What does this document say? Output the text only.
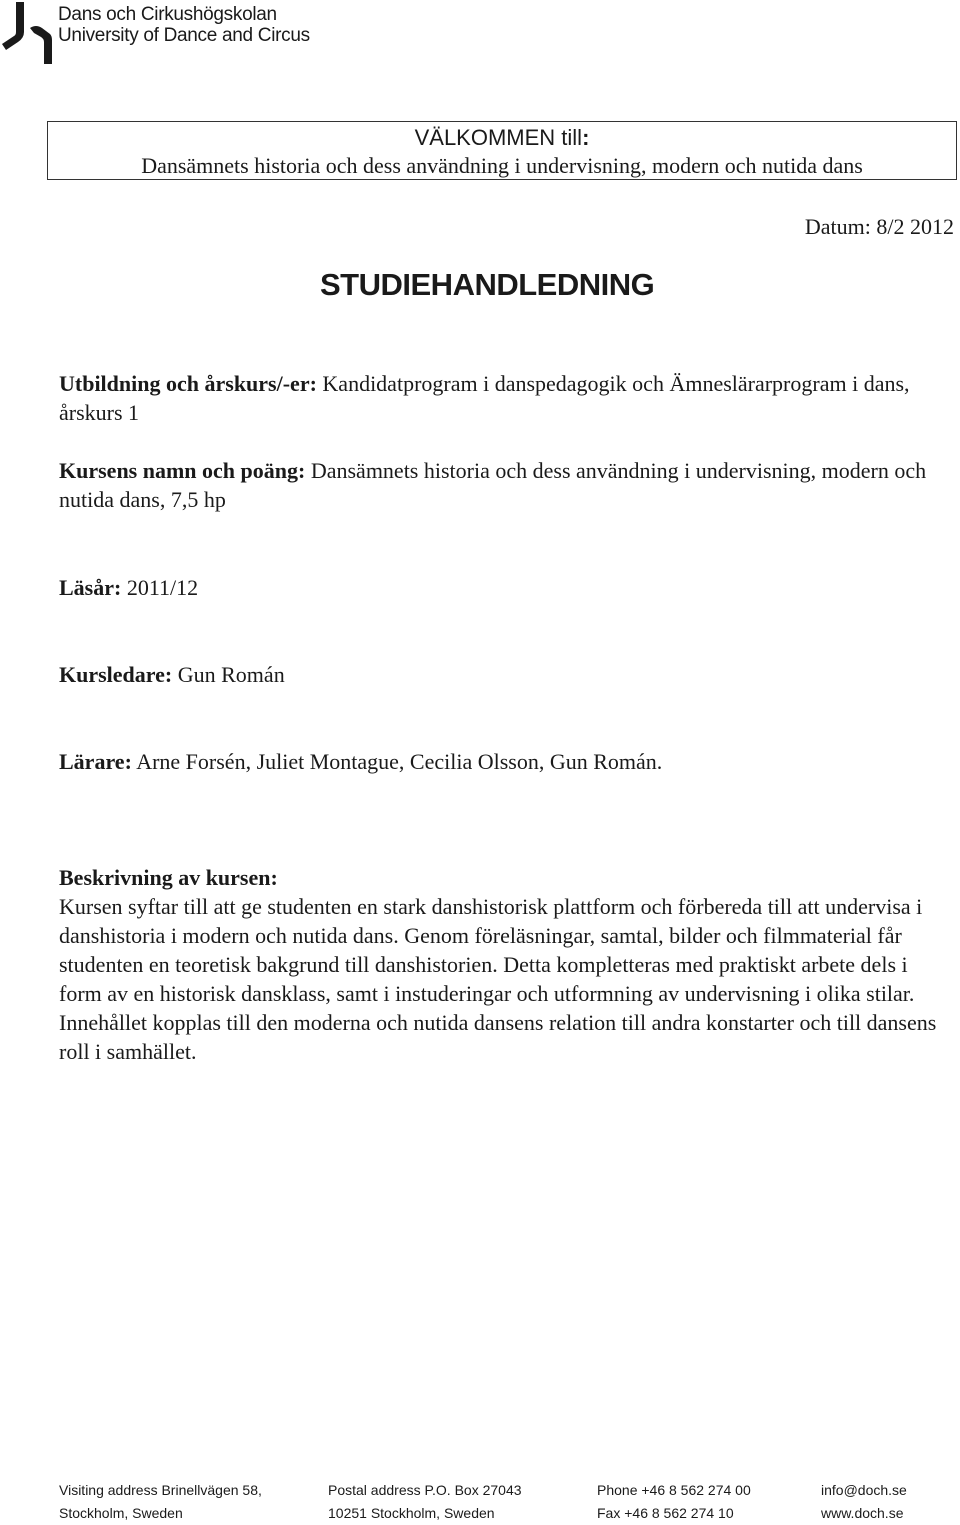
Dans och Cirkushögskolan
University of Dance and Circus
VÄLKOMMEN till:
Dansämnets historia och dess användning i undervisning, modern och nutida dans
Datum: 8/2 2012
STUDIEHANDLEDNING
Utbildning och årskurs/-er: Kandidatprogram i danspedagogik och Ämneslärarprogram i dans, årskurs 1
Kursens namn och poäng: Dansämnets historia och dess användning i undervisning, modern och nutida dans, 7,5 hp
Läsår: 2011/12
Kursledare: Gun Román
Lärare: Arne Forsén, Juliet Montague, Cecilia Olsson, Gun Román.
Beskrivning av kursen:
Kursen syftar till att ge studenten en stark danshistorisk plattform och förbereda till att undervisa i danshistoria i modern och nutida dans. Genom föreläsningar, samtal, bilder och filmmaterial får studenten en teoretisk bakgrund till danshistorien. Detta kompletteras med praktiskt arbete dels i form av en historisk dansklass, samt i instuderingar och utformning av undervisning i olika stilar. Innehållet kopplas till den moderna och nutida dansens relation till andra konstarter och till dansens roll i samhället.
Visiting address Brinellvägen 58,
Stockholm, Sweden
Postal address P.O. Box 27043
10251 Stockholm, Sweden
Phone +46 8 562 274 00
Fax +46 8 562 274 10
info@doch.se
www.doch.se
